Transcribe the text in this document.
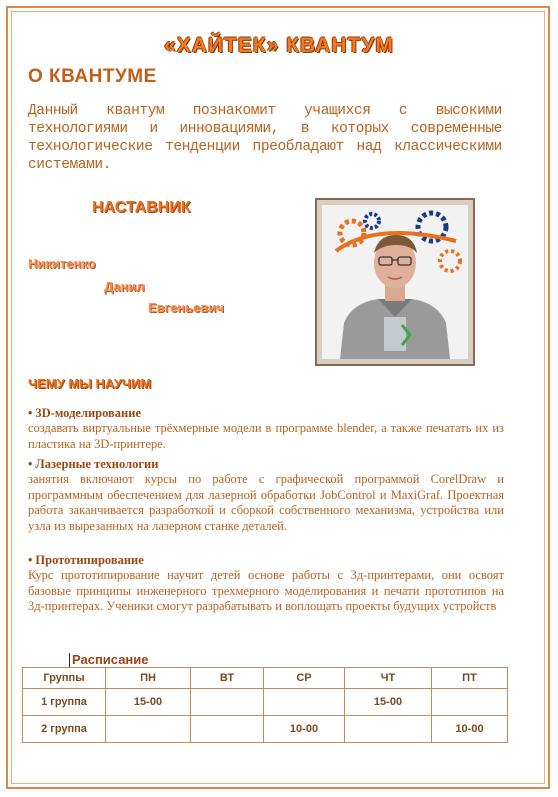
«ХАЙТЕК» КВАНТУМ
О КВАНТУМЕ
Данный квантум познакомит учащихся с высокими технологиями и инновациями, в которых современные технологические тенденции преобладают над классическими системами.
НАСТАВНИК
Никитенко
Данил
Евгеньевич
ЧЕМУ МЫ НАУЧИМ
• 3D-моделирование
создавать виртуальные трёхмерные модели в программе blender, а также печатать их из пластика на 3D-принтере.
• Лазерные технологии
занятия включают курсы по работе с графической программой CorelDraw и программным обеспечением для лазерной обработки JobControl и MaxiGraf. Проектная работа заканчивается разработкой и сборкой собственного механизма, устройства или узла из вырезанных на лазерном станке деталей.
• Прототипирование
Курс прототипирование научит детей основе работы с 3д-принтерами, они освоят базовые принципы инженерного трехмерного моделирования и печати прототипов на 3д-принтерах. Ученики смогут разрабатывать и воплощать проекты будущих устройств
Расписание
Группы	ПН	ВТ	СР	ЧТ	ПТ
1 группа	15-00			15-00	
2 группа			10-00		10-00
